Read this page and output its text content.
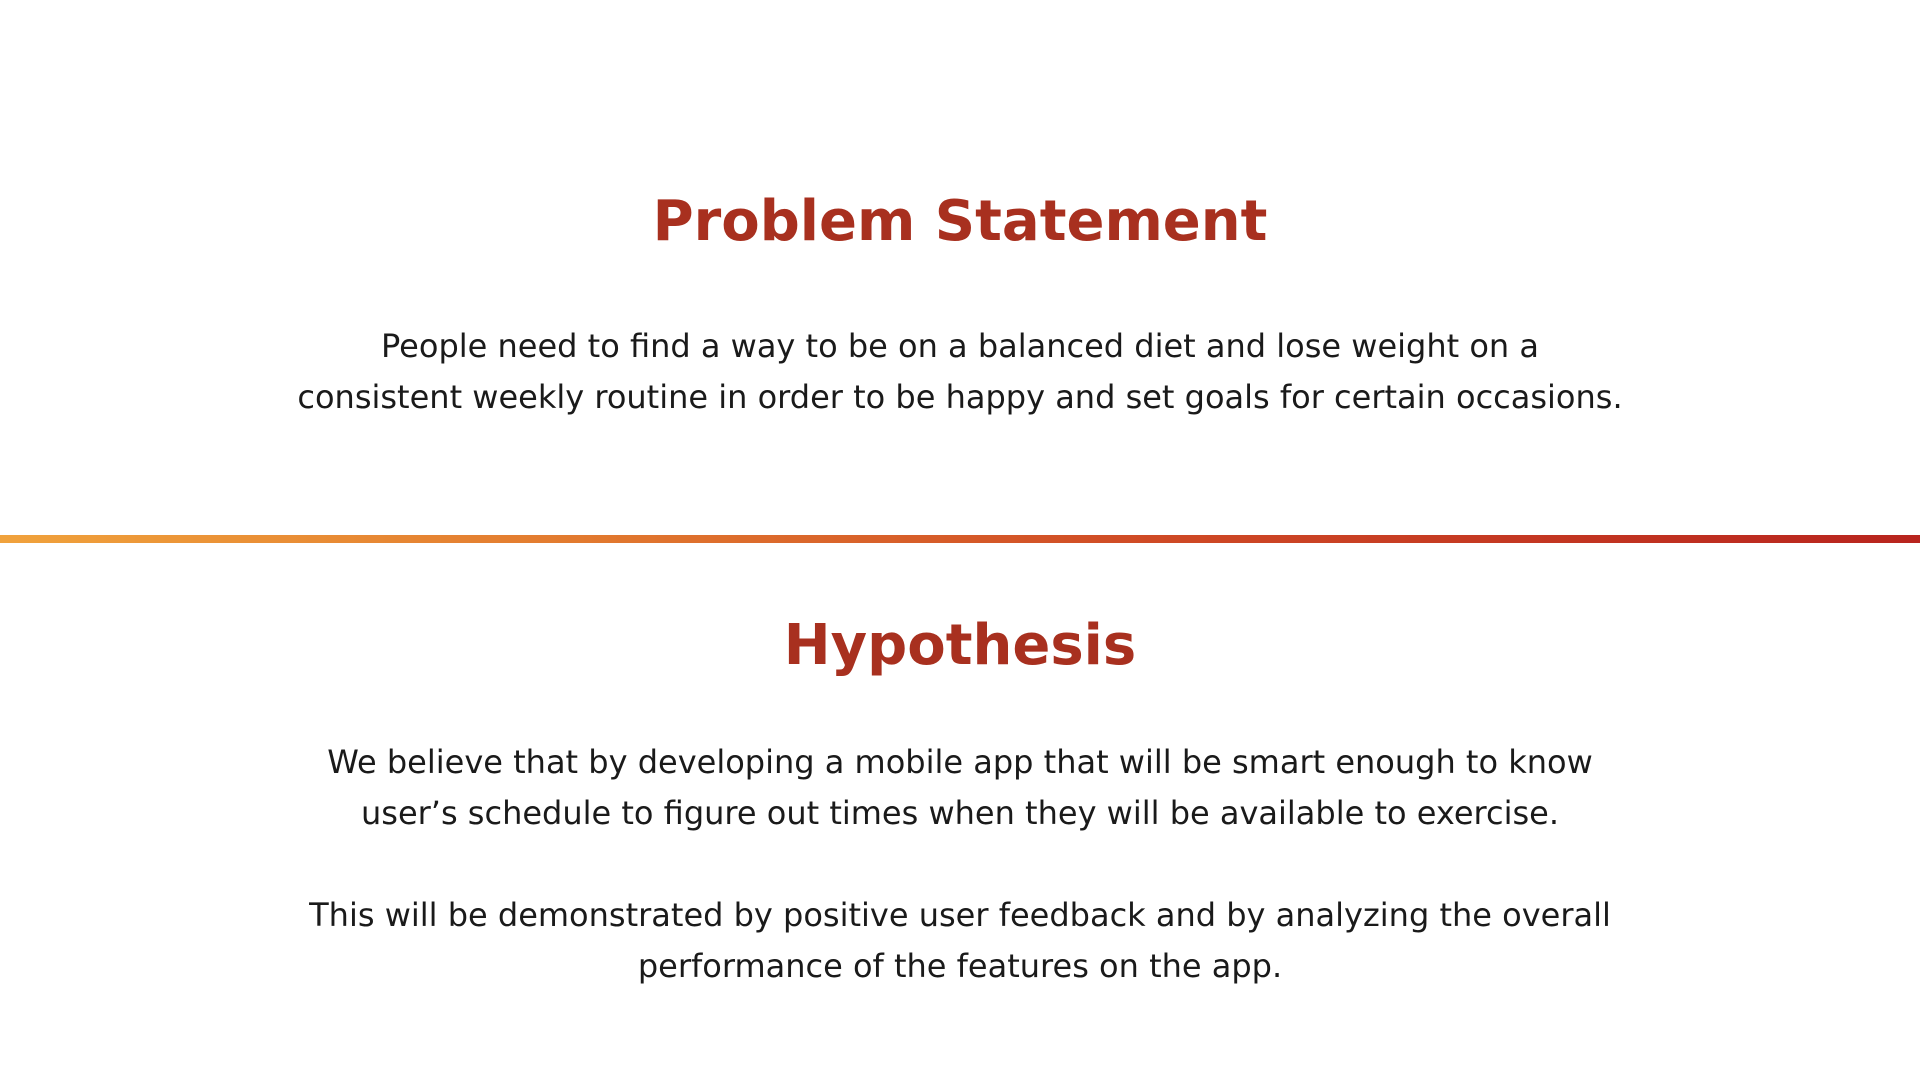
Problem Statement

People need to find a way to be on a balanced diet and lose weight on a
consistent weekly routine in order to be happy and set goals for certain occasions.

Hypothesis

We believe that by developing a mobile app that will be smart enough to know
user’s schedule to figure out times when they will be available to exercise.

This will be demonstrated by positive user feedback and by analyzing the overall
performance of the features on the app.
